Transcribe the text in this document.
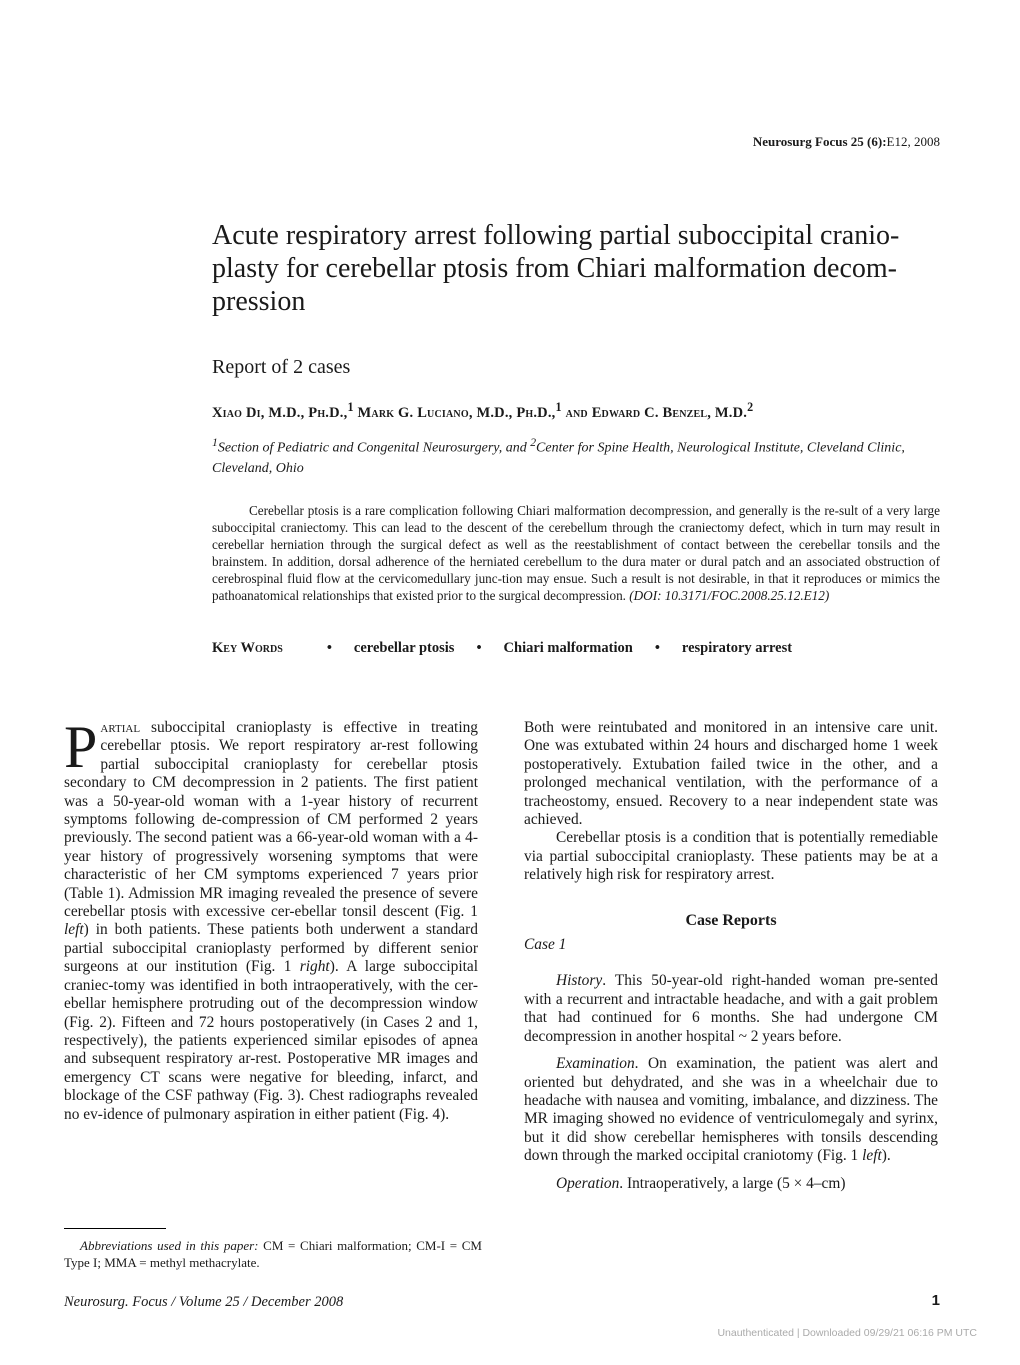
Neurosurg Focus 25 (6):E12, 2008
Acute respiratory arrest following partial suboccipital cranio-plasty for cerebellar ptosis from Chiari malformation decom-pression
Report of 2 cases
Xiao Di, M.D., Ph.D.,$^1$ Mark G. Luciano, M.D., Ph.D.,$^1$ and Edward C. Benzel, M.D.$^2$
$^1$Section of Pediatric and Congenital Neurosurgery, and $^2$Center for Spine Health, Neurological Institute, Cleveland Clinic, Cleveland, Ohio

Cerebellar ptosis is a rare complication following Chiari malformation decompression, and generally is the re-sult of a very large suboccipital craniectomy. This can lead to the descent of the cerebellum through the craniectomy defect, which in turn may result in cerebellar herniation through the surgical defect as well as the reestablishment of contact between the cerebellar tonsils and the brainstem. In addition, dorsal adherence of the herniated cerebellum to the dura mater or dural patch and an associated obstruction of cerebrospinal fluid flow at the cervicomedullary junc-tion may ensue. Such a result is not desirable, in that it reproduces or mimics the pathoanatomical relationships that existed prior to the surgical decompression. (DOI: 10.3171/FOC.2008.25.12.E12)

Key Words	• cerebellar ptosis • Chiari malformation • respiratory arrest

Partial suboccipital cranioplasty is effective in treating cerebellar ptosis. We report respiratory ar-rest following partial suboccipital cranioplasty for cerebellar ptosis secondary to CM decompression in 2 patients. The first patient was a 50-year-old woman with a 1-year history of recurrent symptoms following de-compression of CM performed 2 years previously. The second patient was a 66-year-old woman with a 4-year history of progressively worsening symptoms that were characteristic of her CM symptoms experienced 7 years prior (Table 1). Admission MR imaging revealed the presence of severe cerebellar ptosis with excessive cer-ebellar tonsil descent (Fig. 1 left) in both patients. These patients both underwent a standard partial suboccipital cranioplasty performed by different senior surgeons at our institution (Fig. 1 right). A large suboccipital craniec-tomy was identified in both intraoperatively, with the cer-ebellar hemisphere protruding out of the decompression window (Fig. 2). Fifteen and 72 hours postoperatively (in Cases 2 and 1, respectively), the patients experienced similar episodes of apnea and subsequent respiratory ar-rest. Postoperative MR images and emergency CT scans were negative for bleeding, infarct, and blockage of the CSF pathway (Fig. 3). Chest radiographs revealed no ev-idence of pulmonary aspiration in either patient (Fig. 4).

Both were reintubated and monitored in an intensive care unit. One was extubated within 24 hours and discharged home 1 week postoperatively. Extubation failed twice in the other, and a prolonged mechanical ventilation, with the performance of a tracheostomy, ensued. Recovery to a near independent state was achieved.

Cerebellar ptosis is a condition that is potentially remediable via partial suboccipital cranioplasty. These patients may be at a relatively high risk for respiratory arrest.

Case Reports

Case 1

History. This 50-year-old right-handed woman pre-sented with a recurrent and intractable headache, and with a gait problem that had continued for 6 months. She had undergone CM decompression in another hospital ~ 2 years before.

Examination. On examination, the patient was alert and oriented but dehydrated, and she was in a wheelchair due to headache with nausea and vomiting, imbalance, and dizziness. The MR imaging showed no evidence of ventriculomegaly and syrinx, but it did show cerebellar hemispheres with tonsils descending down through the marked occipital craniotomy (Fig. 1 left).

Operation. Intraoperatively, a large (5 × 4–cm)

Abbreviations used in this paper: CM = Chiari malformation; CM-I = CM Type I; MMA = methyl methacrylate.
Neurosurg. Focus / Volume 25 / December 2008	1
Unauthenticated | Downloaded 09/29/21 06:16 PM UTC
